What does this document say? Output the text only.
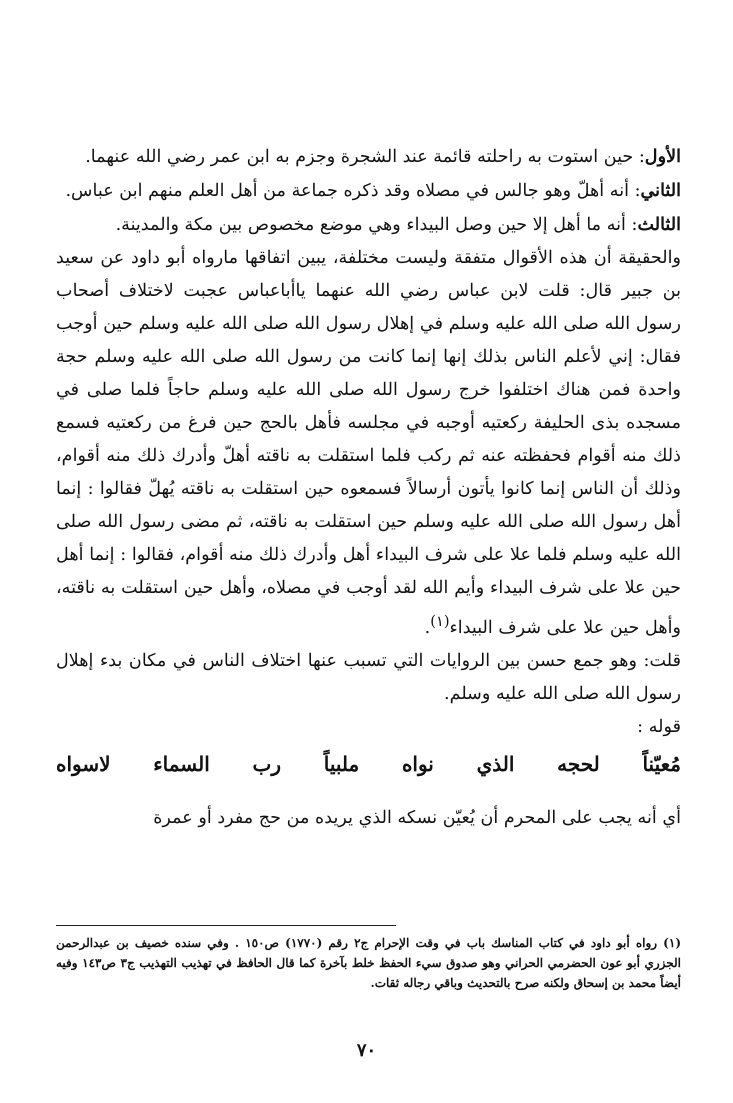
الأول: حين استوت به راحلته قائمة عند الشجرة وجزم به ابن عمر رضي الله عنهما.

الثاني: أنه أهلّ وهو جالس في مصلاه وقد ذكره جماعة من أهل العلم منهم ابن عباس.

الثالث: أنه ما أهل إلا حين وصل البيداء وهي موضع مخصوص بين مكة والمدينة.

والحقيقة أن هذه الأقوال متفقة وليست مختلفة، يبين اتفاقها مارواه أبو داود عن سعيد بن جبير قال: قلت لابن عباس رضي الله عنهما ياأباعباس عجبت لاختلاف أصحاب رسول الله صلى الله عليه وسلم في إهلال رسول الله صلى الله عليه وسلم حين أوجب فقال: إني لأعلم الناس بذلك إنها إنما كانت من رسول الله صلى الله عليه وسلم حجة واحدة فمن هناك اختلفوا خرج رسول الله صلى الله عليه وسلم حاجاً فلما صلى في مسجده بذى الحليفة ركعتيه أوجبه في مجلسه فأهل بالحج حين فرغ من ركعتيه فسمع ذلك منه أقوام فحفظته عنه ثم ركب فلما استقلت به ناقته أهلّ وأدرك ذلك منه أقوام، وذلك أن الناس إنما كانوا يأتون أرسالاً فسمعوه حين استقلت به ناقته يُهلّ فقالوا : إنما أهل رسول الله صلى الله عليه وسلم حين استقلت به ناقته، ثم مضى رسول الله صلى الله عليه وسلم فلما علا على شرف البيداء أهل وأدرك ذلك منه أقوام، فقالوا : إنما أهل حين علا على شرف البيداء وأيم الله لقد أوجب في مصلاه، وأهل حين استقلت به ناقته، وأهل حين علا على شرف البيداء$^{(١)}$.

قلت: وهو جمع حسن بين الروايات التي تسبب عنها اختلاف الناس في مكان بدء إهلال رسول الله صلى الله عليه وسلم.

قوله :

مُعيّناً لحجه الذي نواه ملبياً رب السماء لاسواه

أي أنه يجب على المحرم أن يُعيّن نسكه الذي يريده من حج مفرد أو عمرة

(١) رواه أبو داود في كتاب المناسك باب في وقت الإحرام ج٢ رقم (١٧٧٠) ص١٥٠ . وفي سنده خصيف بن عبدالرحمن الجزري أبو عون الحضرمي الحراني وهو صدوق سيء الحفظ خلط بآخرة كما قال الحافظ في تهذيب التهذيب ج٣ ص١٤٣ وفيه أيضاً محمد بن إسحاق ولكنه صرح بالتحديث وباقي رجاله ثقات.
٧٠
